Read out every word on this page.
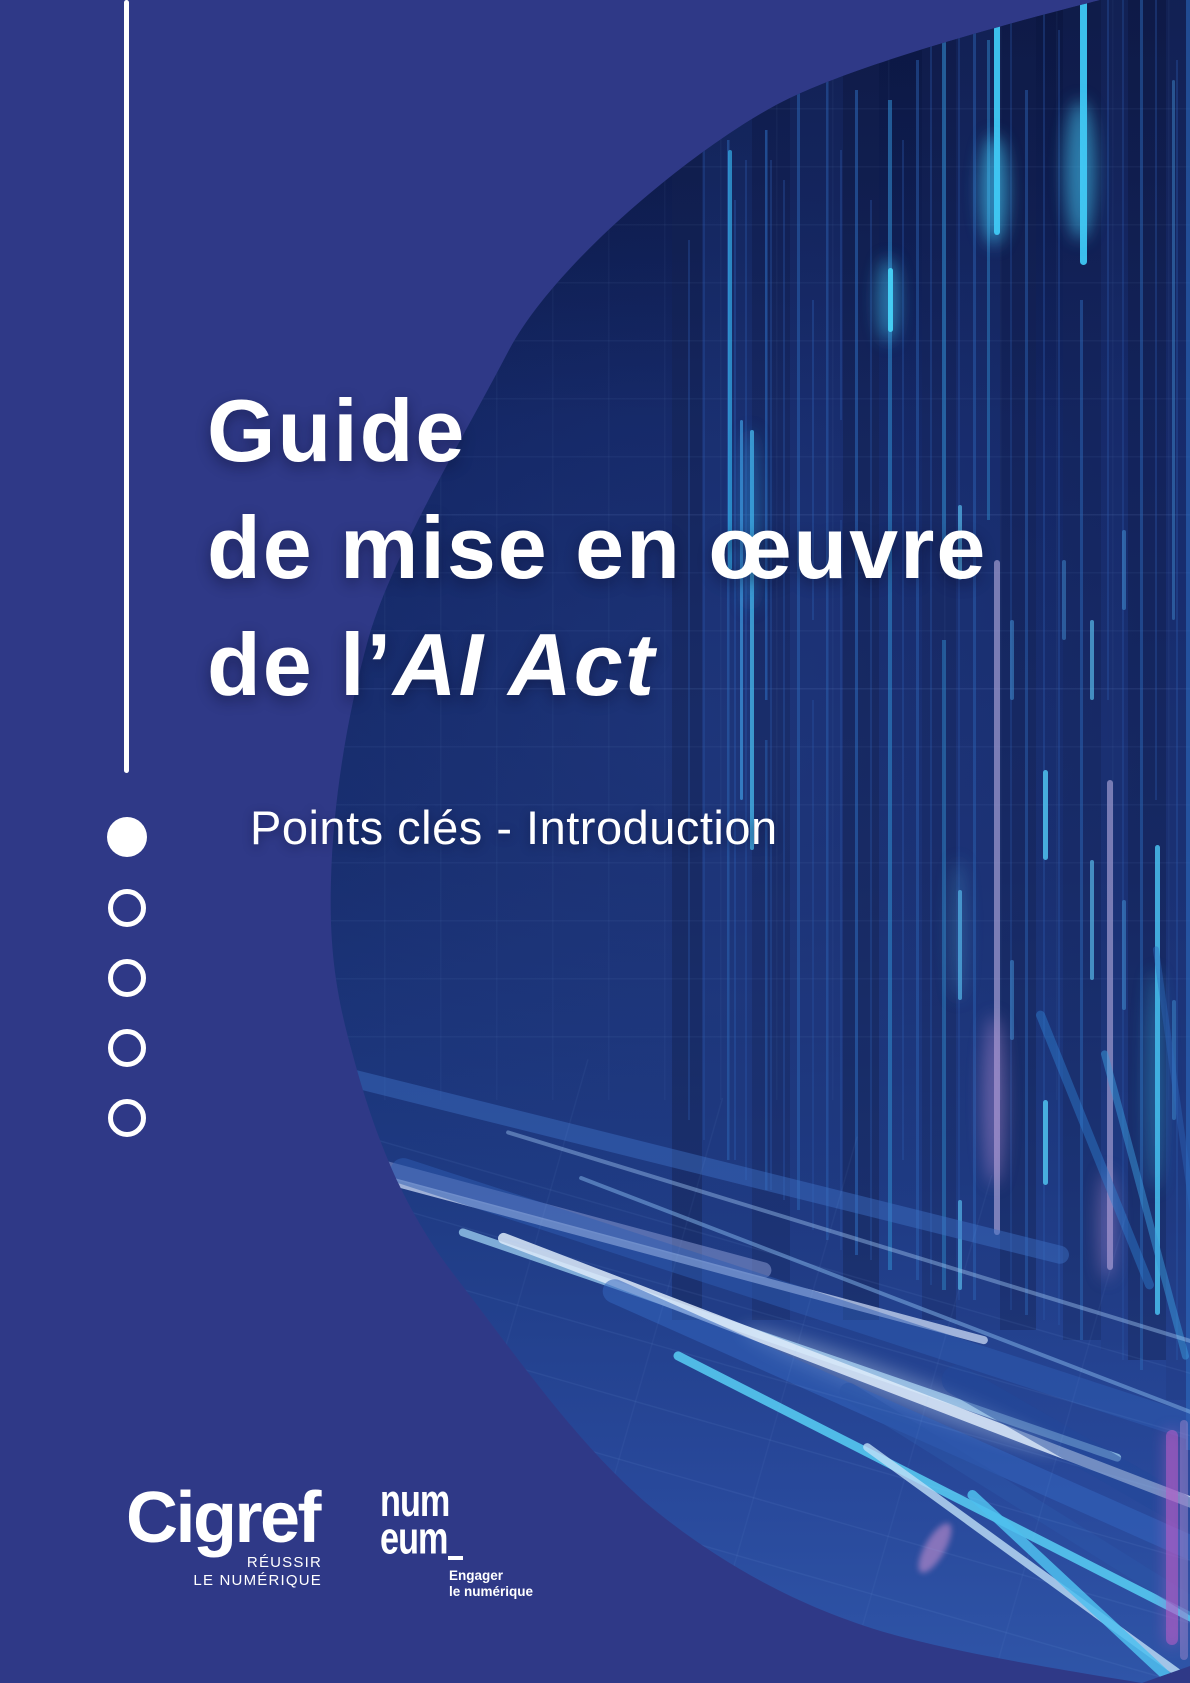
Guide
de mise en œuvre
de l’AI Act

Points clés - Introduction

Cigref
RÉUSSIR
LE NUMÉRIQUE
num
eum
Engager
le numérique
